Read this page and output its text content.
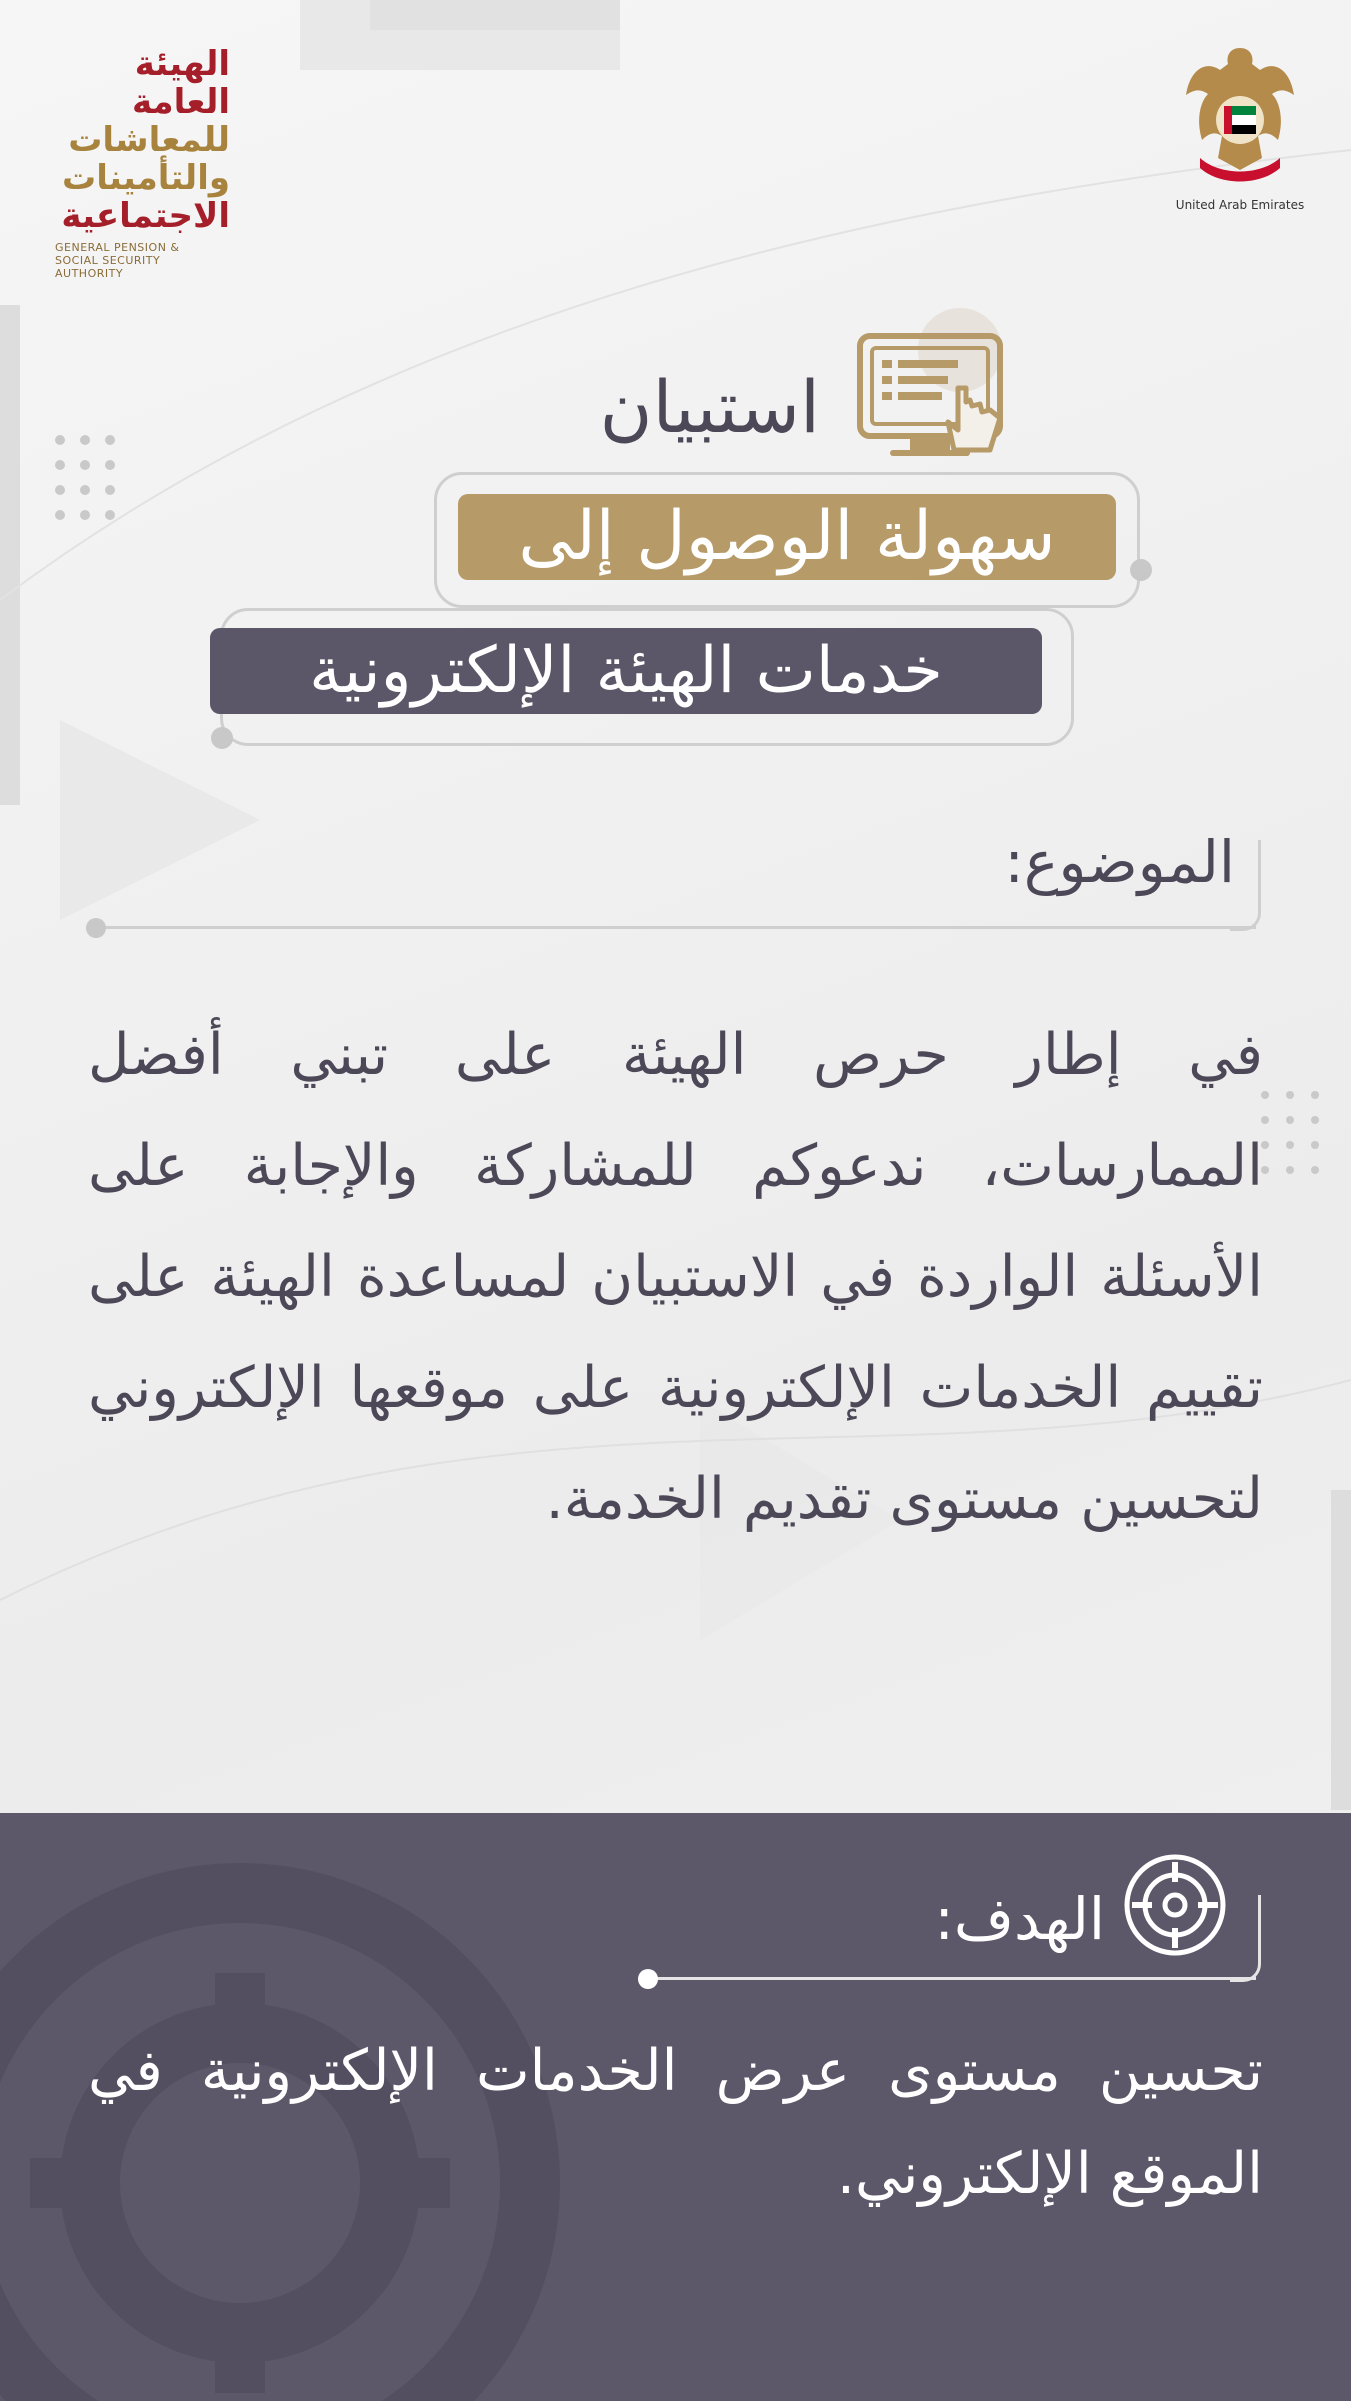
الهيئة العامة
للمعاشات
والتأمينات
الاجتماعية
GENERAL PENSION &
SOCIAL SECURITY AUTHORITY
United Arab Emirates
استبيان
سهولة الوصول إلى
خدمات الهيئة الإلكترونية
الموضوع:
في إطار حرص الهيئة على تبني أفضل الممارسات، ندعوكم للمشاركة والإجابة على الأسئلة الواردة في الاستبيان لمساعدة الهيئة على تقييم الخدمات الإلكترونية على موقعها الإلكتروني لتحسين مستوى تقديم الخدمة.
الهدف:
تحسين مستوى عرض الخدمات الإلكترونية في الموقع الإلكتروني.
